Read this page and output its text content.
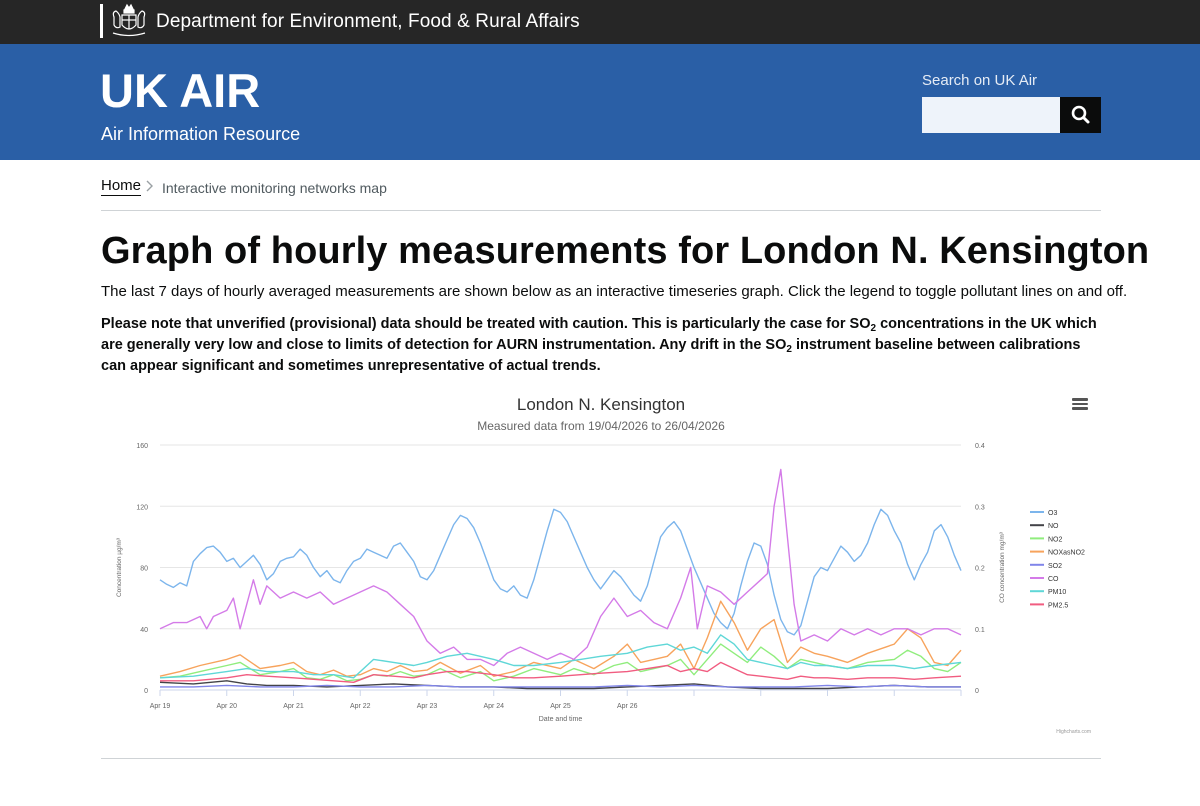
Department for Environment, Food & Rural Affairs
UK AIR
Air Information Resource
Search on UK Air
Home Interactive monitoring networks map
Graph of hourly measurements for London N. Kensington

The last 7 days of hourly averaged measurements are shown below as an interactive timeseries graph. Click the legend to toggle pollutant lines on and off.

Please note that unverified (provisional) data should be treated with caution. This is particularly the case for $SO_2$ concentrations in the UK which are generally very low and close to limits of detection for AURN instrumentation. Any drift in the $SO_2$ instrument baseline between calibrations can appear significant and sometimes unrepresentative of actual trends.

London N. Kensington
Measured data from 19/04/2026 to 26/04/2026
0
40
80
120
160
0
0.1
0.2
0.3
0.4
Apr 19	Apr 20	Apr 21	Apr 22	Apr 23	Apr 24	Apr 25	Apr 26
Date and time
Concentration µg/m³	CO concentration mg/m³
O3
NO
NO2
NOXasNO2
SO2
CO
PM10
PM2.5
Highcharts.com
